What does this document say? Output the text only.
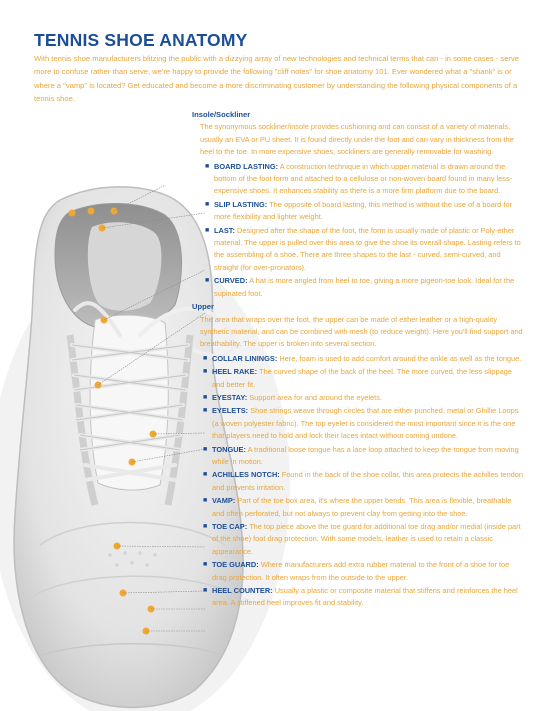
TENNIS SHOE ANATOMY

With tennis shoe manufacturers blitzing the public with a dizzying array of new technologies and technical terms that can - in some cases - serve more to confuse rather than serve, we're happy to provide the following "cliff notes" for shoe anatomy 101. Ever wondered what a "shank" is or where a "vamp" is located? Get educated and become a more discriminating customer by understanding the following physical components of a tennis shoe.

Insole/Sockliner

The synonymous sockliner/insole provides cushioning and can consist of a variety of materials, usually an EVA or PU sheet. It is found directly under the foot and can vary in thickness from the heel to the toe. In more expensive shoes, sockliners are generally removable for washing.

■ BOARD LASTING: A construction technique in which upper material is drawn around the bottom of the foot form and attached to a cellulose or non-woven board found in many less-expensive shoes. It enhances stability as there is a more firm platform due to the board.
■ SLIP LASTING: The opposite of board lasting, this method is without the use of a board for more flexibility and lighter weight.
■ LAST: Designed after the shape of the foot, the form is usually made of plastic or Poly-ether material. The upper is pulled over this area to give the shoe its overall shape. Lasting refers to the assembling of a shoe. There are three shapes to the last - curved, semi-curved, and straight (for over-pronators).
■ CURVED: A hat is more angled from heel to toe, giving a more pigeon-toe look. Ideal for the supinated foot.

Upper

The area that wraps over the foot, the upper can be made of either leather or a high-quality synthetic material, and can be combined with mesh (to reduce weight). Here you'll find support and breathability. The upper is broken into several section.

■ COLLAR LININGS: Here, foam is used to add comfort around the ankle as well as the tongue.
■ HEEL RAKE: The curved shape of the back of the heel. The more curved, the less slippage and better fit.
■ EYESTAY: Support area for and around the eyelets.
■ EYELETS: Shoe strings weave through circles that are either punched, metal or Ghillie Loops (a woven polyester fabric). The top eyelet is considered the most important since it is the one that players need to hold and lock their laces intact without coming undone.
■ TONGUE: A traditional loose tongue has a lace loop attached to keep the tongue from moving while in motion.
■ ACHILLES NOTCH: Found in the back of the shoe collar, this area protects the achilles tendon and prevents irritation.
■ VAMP: Part of the toe box area, it's where the upper bends. This area is flexible, breathable and often perforated, but not always to prevent clay from getting into the shoe.
■ TOE CAP: The top piece above the toe guard for additional toe drag and/or medial (inside part of the shoe) foot drag protection. With some models, leather is used to retain a classic appearance.
■ TOE GUARD: Where manufacturers add extra rubber material to the front of a shoe for toe drag protection. It often wraps from the outside to the upper.
■ HEEL COUNTER: Usually a plastic or composite material that stiffens and reinforces the heel area. A stiffened heel improves fit and stability.
